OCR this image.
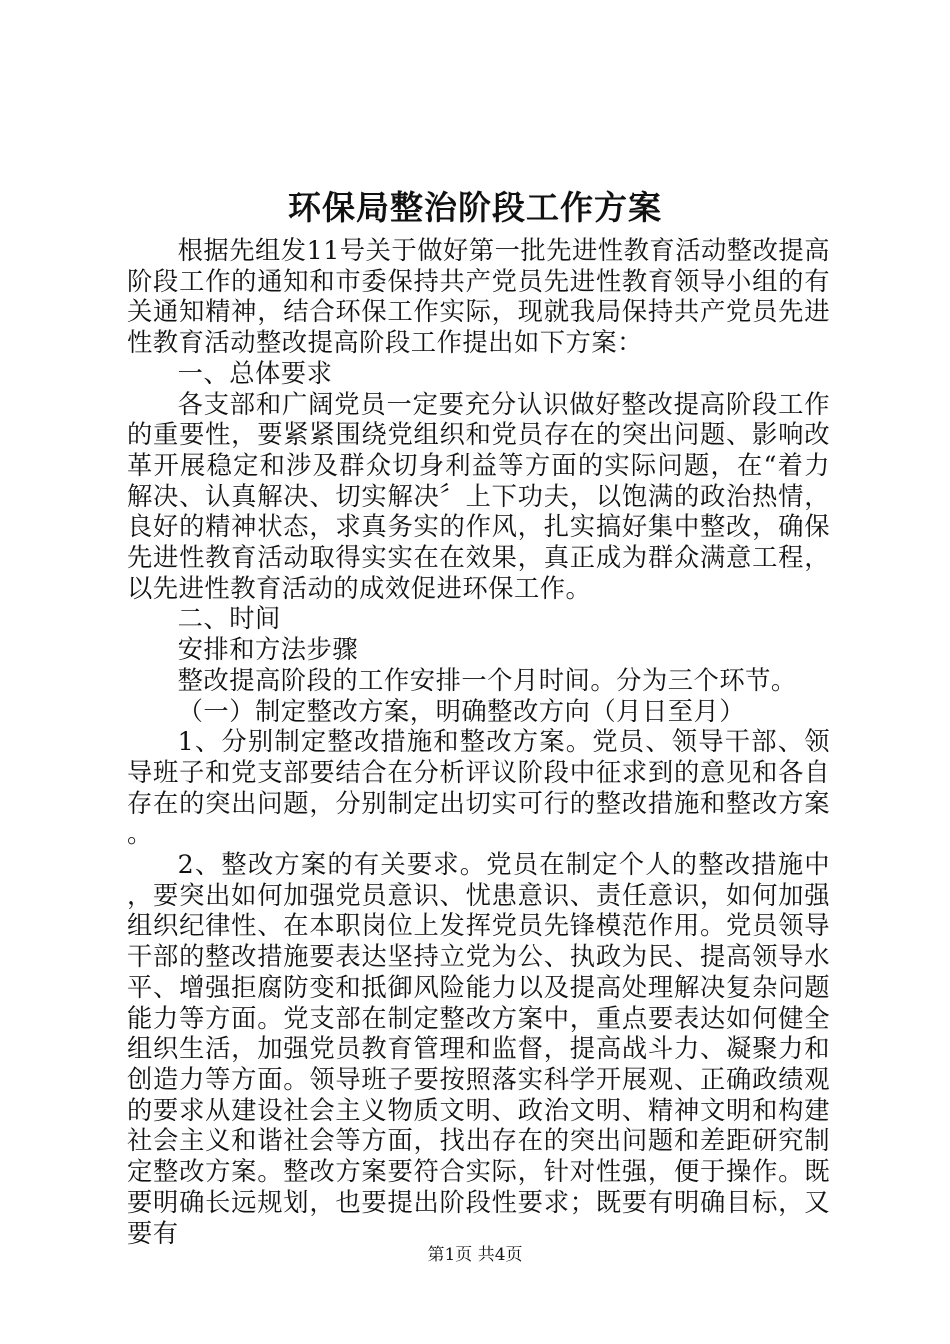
环保局整治阶段工作方案

根据先组发11号关于做好第一批先进性教育活动整改提高阶段工作的通知和市委保持共产党员先进性教育领导小组的有关通知精神，结合环保工作实际，现就我局保持共产党员先进性教育活动整改提高阶段工作提出如下方案：

一、总体要求

各支部和广阔党员一定要充分认识做好整改提高阶段工作的重要性，要紧紧围绕党组织和党员存在的突出问题、影响改革开展稳定和涉及群众切身利益等方面的实际问题，在“着力解决、认真解决、切实解决〞上下功夫，以饱满的政治热情，良好的精神状态，求真务实的作风，扎实搞好集中整改，确保先进性教育活动取得实实在在效果，真正成为群众满意工程，以先进性教育活动的成效促进环保工作。

二、时间

安排和方法步骤

整改提高阶段的工作安排一个月时间。分为三个环节。

（一）制定整改方案，明确整改方向（月日至月）

1、分别制定整改措施和整改方案。党员、领导干部、领导班子和党支部要结合在分析评议阶段中征求到的意见和各自存在的突出问题，分别制定出切实可行的整改措施和整改方案。

2、整改方案的有关要求。党员在制定个人的整改措施中，要突出如何加强党员意识、忧患意识、责任意识，如何加强组织纪律性、在本职岗位上发挥党员先锋模范作用。党员领导干部的整改措施要表达坚持立党为公、执政为民、提高领导水平、增强拒腐防变和抵御风险能力以及提高处理解决复杂问题能力等方面。党支部在制定整改方案中，重点要表达如何健全组织生活，加强党员教育管理和监督，提高战斗力、凝聚力和创造力等方面。领导班子要按照落实科学开展观、正确政绩观的要求从建设社会主义物质文明、政治文明、精神文明和构建社会主义和谐社会等方面，找出存在的突出问题和差距研究制定整改方案。整改方案要符合实际，针对性强，便于操作。既要明确长远规划，也要提出阶段性要求；既要有明确目标，又要有

第1页 共4页
